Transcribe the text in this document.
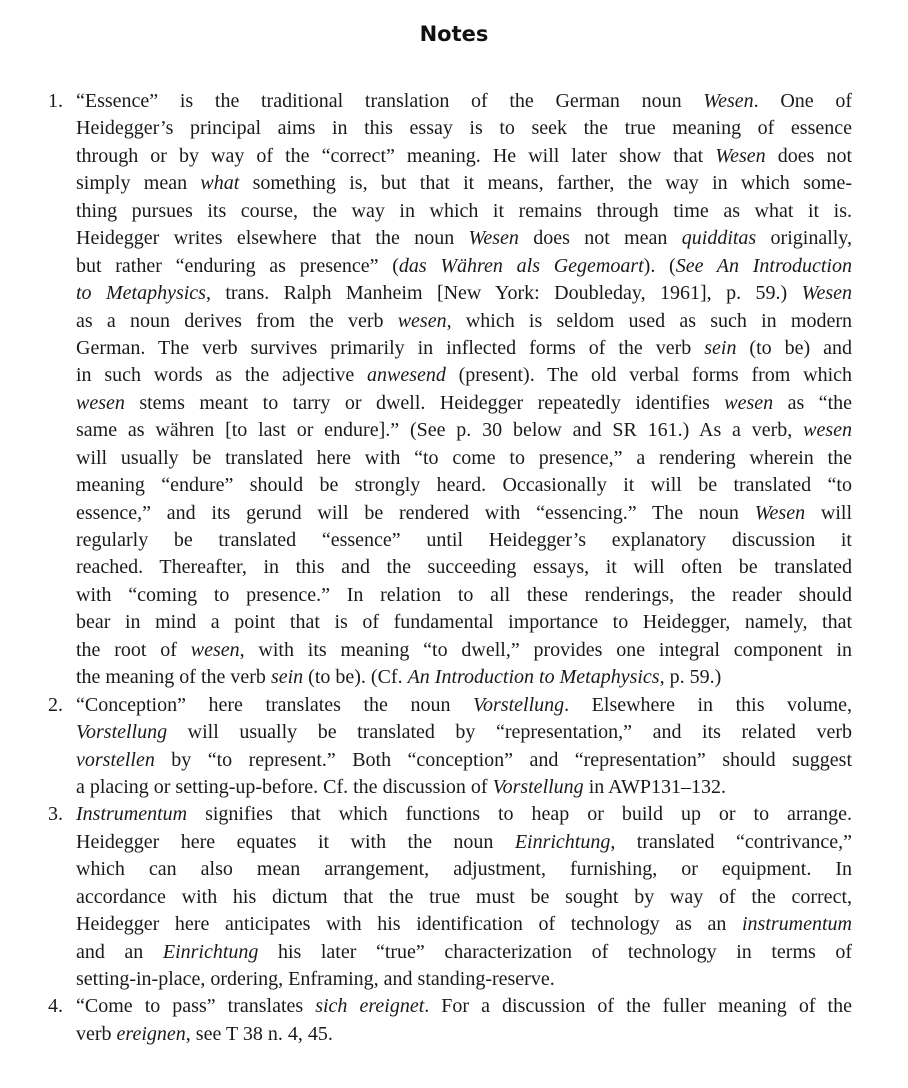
Notes
1. “Essence” is the traditional translation of the German noun Wesen. One of
Heidegger’s principal aims in this essay is to seek the true meaning of essence
through or by way of the “correct” meaning. He will later show that Wesen does not
simply mean what something is, but that it means, farther, the way in which some-
thing pursues its course, the way in which it remains through time as what it is.
Heidegger writes elsewhere that the noun Wesen does not mean quidditas originally,
but rather “enduring as presence” (das Währen als Gegemoart). (See An Introduction
to Metaphysics, trans. Ralph Manheim [New York: Doubleday, 1961], p. 59.) Wesen
as a noun derives from the verb wesen, which is seldom used as such in modern
German. The verb survives primarily in inflected forms of the verb sein (to be) and
in such words as the adjective anwesend (present). The old verbal forms from which
wesen stems meant to tarry or dwell. Heidegger repeatedly identifies wesen as “the
same as währen [to last or endure].” (See p. 30 below and SR 161.) As a verb, wesen
will usually be translated here with “to come to presence,” a rendering wherein the
meaning “endure” should be strongly heard. Occasionally it will be translated “to
essence,” and its gerund will be rendered with “essencing.” The noun Wesen will
regularly be translated “essence” until Heidegger’s explanatory discussion it
reached. Thereafter, in this and the succeeding essays, it will often be translated
with “coming to presence.” In relation to all these renderings, the reader should
bear in mind a point that is of fundamental importance to Heidegger, namely, that
the root of wesen, with its meaning “to dwell,” provides one integral component in
the meaning of the verb sein (to be). (Cf. An Introduction to Metaphysics, p. 59.)
2. “Conception” here translates the noun Vorstellung. Elsewhere in this volume,
Vorstellung will usually be translated by “representation,” and its related verb
vorstellen by “to represent.” Both “conception” and “representation” should suggest
a placing or setting-up-before. Cf. the discussion of Vorstellung in AWP131–132.
3. Instrumentum signifies that which functions to heap or build up or to arrange.
Heidegger here equates it with the noun Einrichtung, translated “contrivance,”
which can also mean arrangement, adjustment, furnishing, or equipment. In
accordance with his dictum that the true must be sought by way of the correct,
Heidegger here anticipates with his identification of technology as an instrumentum
and an Einrichtung his later “true” characterization of technology in terms of
setting-in-place, ordering, Enframing, and standing-reserve.
4. “Come to pass” translates sich ereignet. For a discussion of the fuller meaning of the
verb ereignen, see T 38 n. 4, 45.
